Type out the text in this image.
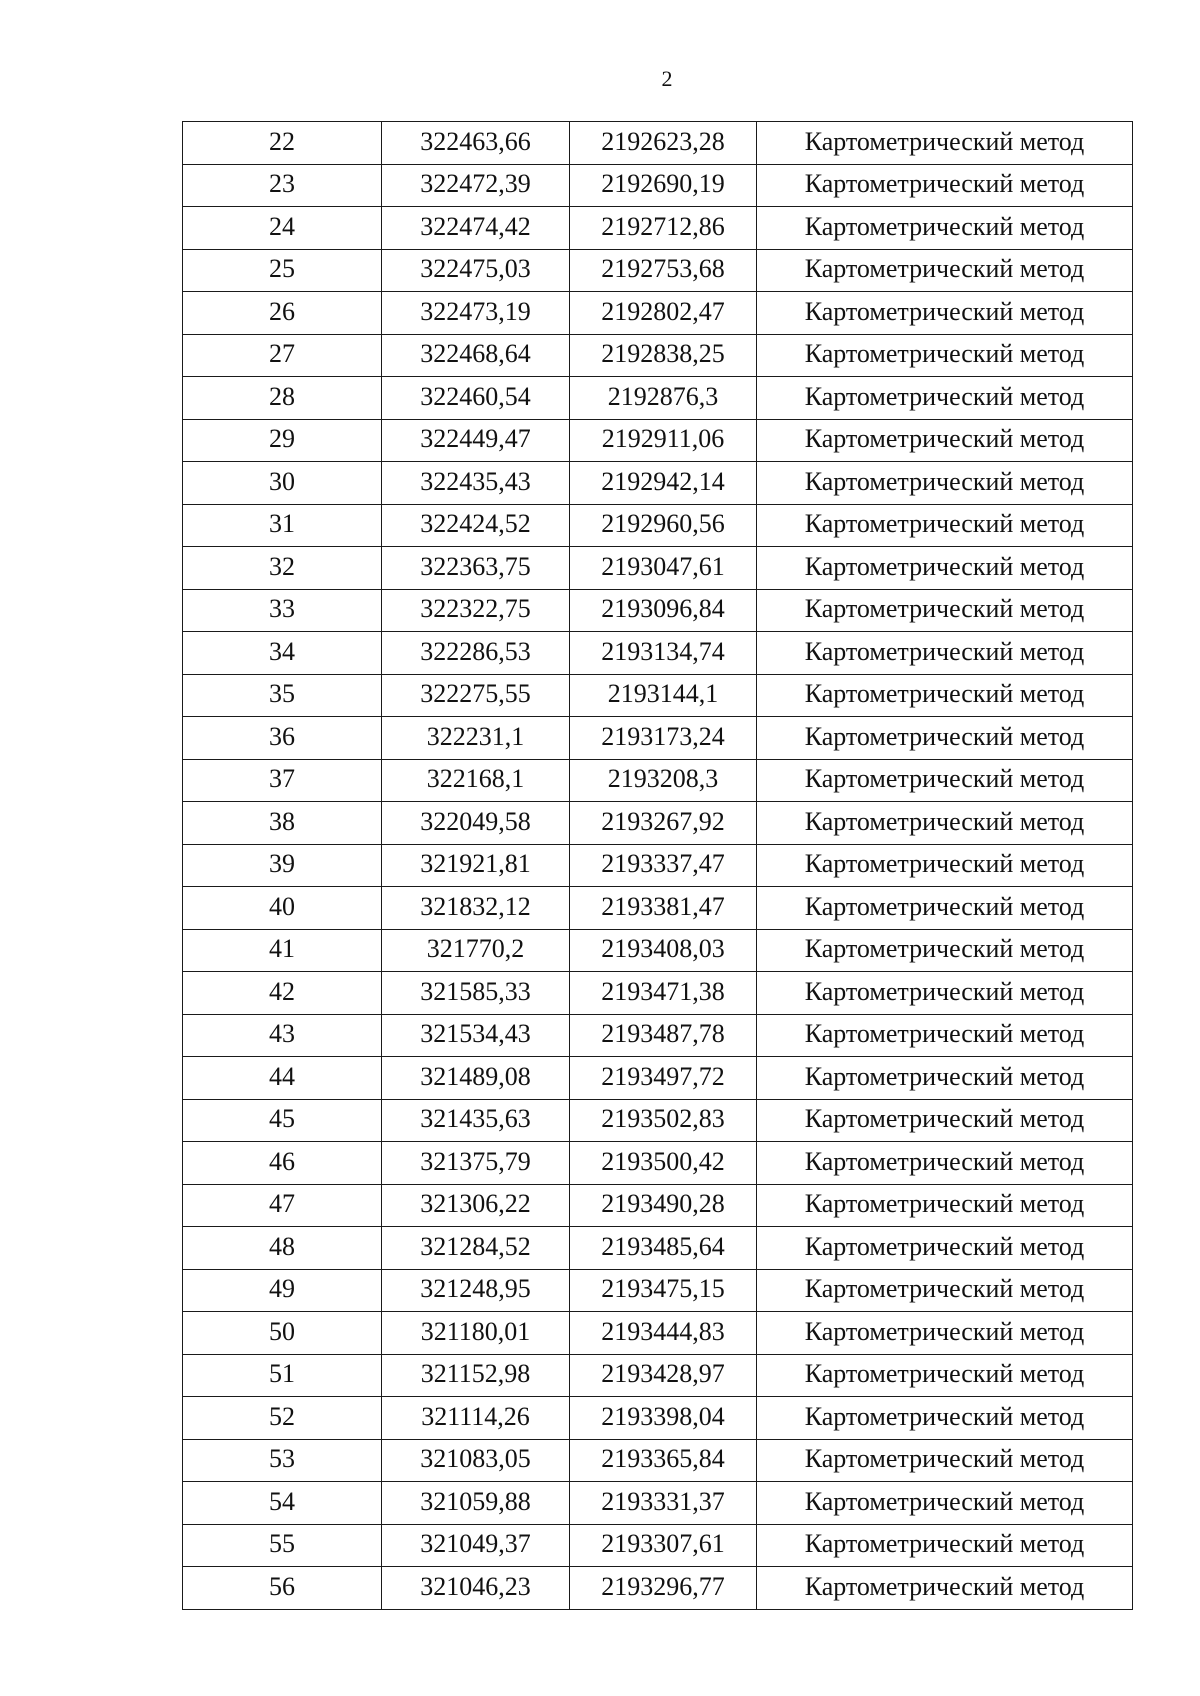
2
22	322463,66	2192623,28	Картометрический метод
23	322472,39	2192690,19	Картометрический метод
24	322474,42	2192712,86	Картометрический метод
25	322475,03	2192753,68	Картометрический метод
26	322473,19	2192802,47	Картометрический метод
27	322468,64	2192838,25	Картометрический метод
28	322460,54	2192876,3	Картометрический метод
29	322449,47	2192911,06	Картометрический метод
30	322435,43	2192942,14	Картометрический метод
31	322424,52	2192960,56	Картометрический метод
32	322363,75	2193047,61	Картометрический метод
33	322322,75	2193096,84	Картометрический метод
34	322286,53	2193134,74	Картометрический метод
35	322275,55	2193144,1	Картометрический метод
36	322231,1	2193173,24	Картометрический метод
37	322168,1	2193208,3	Картометрический метод
38	322049,58	2193267,92	Картометрический метод
39	321921,81	2193337,47	Картометрический метод
40	321832,12	2193381,47	Картометрический метод
41	321770,2	2193408,03	Картометрический метод
42	321585,33	2193471,38	Картометрический метод
43	321534,43	2193487,78	Картометрический метод
44	321489,08	2193497,72	Картометрический метод
45	321435,63	2193502,83	Картометрический метод
46	321375,79	2193500,42	Картометрический метод
47	321306,22	2193490,28	Картометрический метод
48	321284,52	2193485,64	Картометрический метод
49	321248,95	2193475,15	Картометрический метод
50	321180,01	2193444,83	Картометрический метод
51	321152,98	2193428,97	Картометрический метод
52	321114,26	2193398,04	Картометрический метод
53	321083,05	2193365,84	Картометрический метод
54	321059,88	2193331,37	Картометрический метод
55	321049,37	2193307,61	Картометрический метод
56	321046,23	2193296,77	Картометрический метод
